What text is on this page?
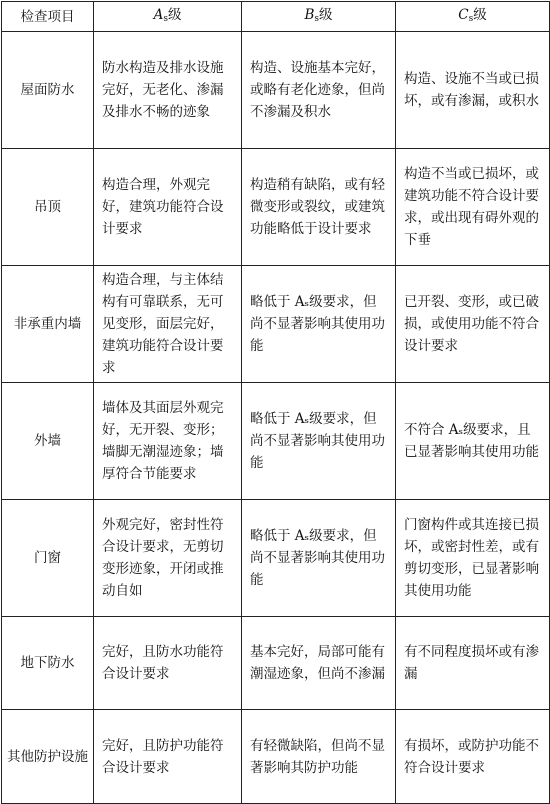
检查项目	As级	Bs级	Cs级
屋面防水	防水构造及排水设施完好，无老化、渗漏及排水不畅的迹象	构造、设施基本完好，或略有老化迹象，但尚不渗漏及积水	构造、设施不当或已损坏，或有渗漏，或积水
吊顶	构造合理，外观完好，建筑功能符合设计要求	构造稍有缺陷，或有轻微变形或裂纹，或建筑功能略低于设计要求	构造不当或已损坏，或建筑功能不符合设计要求，或出现有碍外观的下垂
非承重内墙	构造合理，与主体结构有可靠联系，无可见变形，面层完好，建筑功能符合设计要求	略低于 Aₛ级要求，但尚不显著影响其使用功能	已开裂、变形，或已破损，或使用功能不符合设计要求
外墙	墙体及其面层外观完好，无开裂、变形；墙脚无潮湿迹象；墙厚符合节能要求	略低于 Aₛ级要求，但尚不显著影响其使用功能	不符合 Aₛ级要求，且已显著影响其使用功能
门窗	外观完好，密封性符合设计要求，无剪切变形迹象，开闭或推动自如	略低于 Aₛ级要求，但尚不显著影响其使用功能	门窗构件或其连接已损坏，或密封性差，或有剪切变形，已显著影响其使用功能
地下防水	完好，且防水功能符合设计要求	基本完好，局部可能有潮湿迹象，但尚不渗漏	有不同程度损坏或有渗漏
其他防护设施	完好，且防护功能符合设计要求	有轻微缺陷，但尚不显著影响其防护功能	有损坏，或防护功能不符合设计要求
